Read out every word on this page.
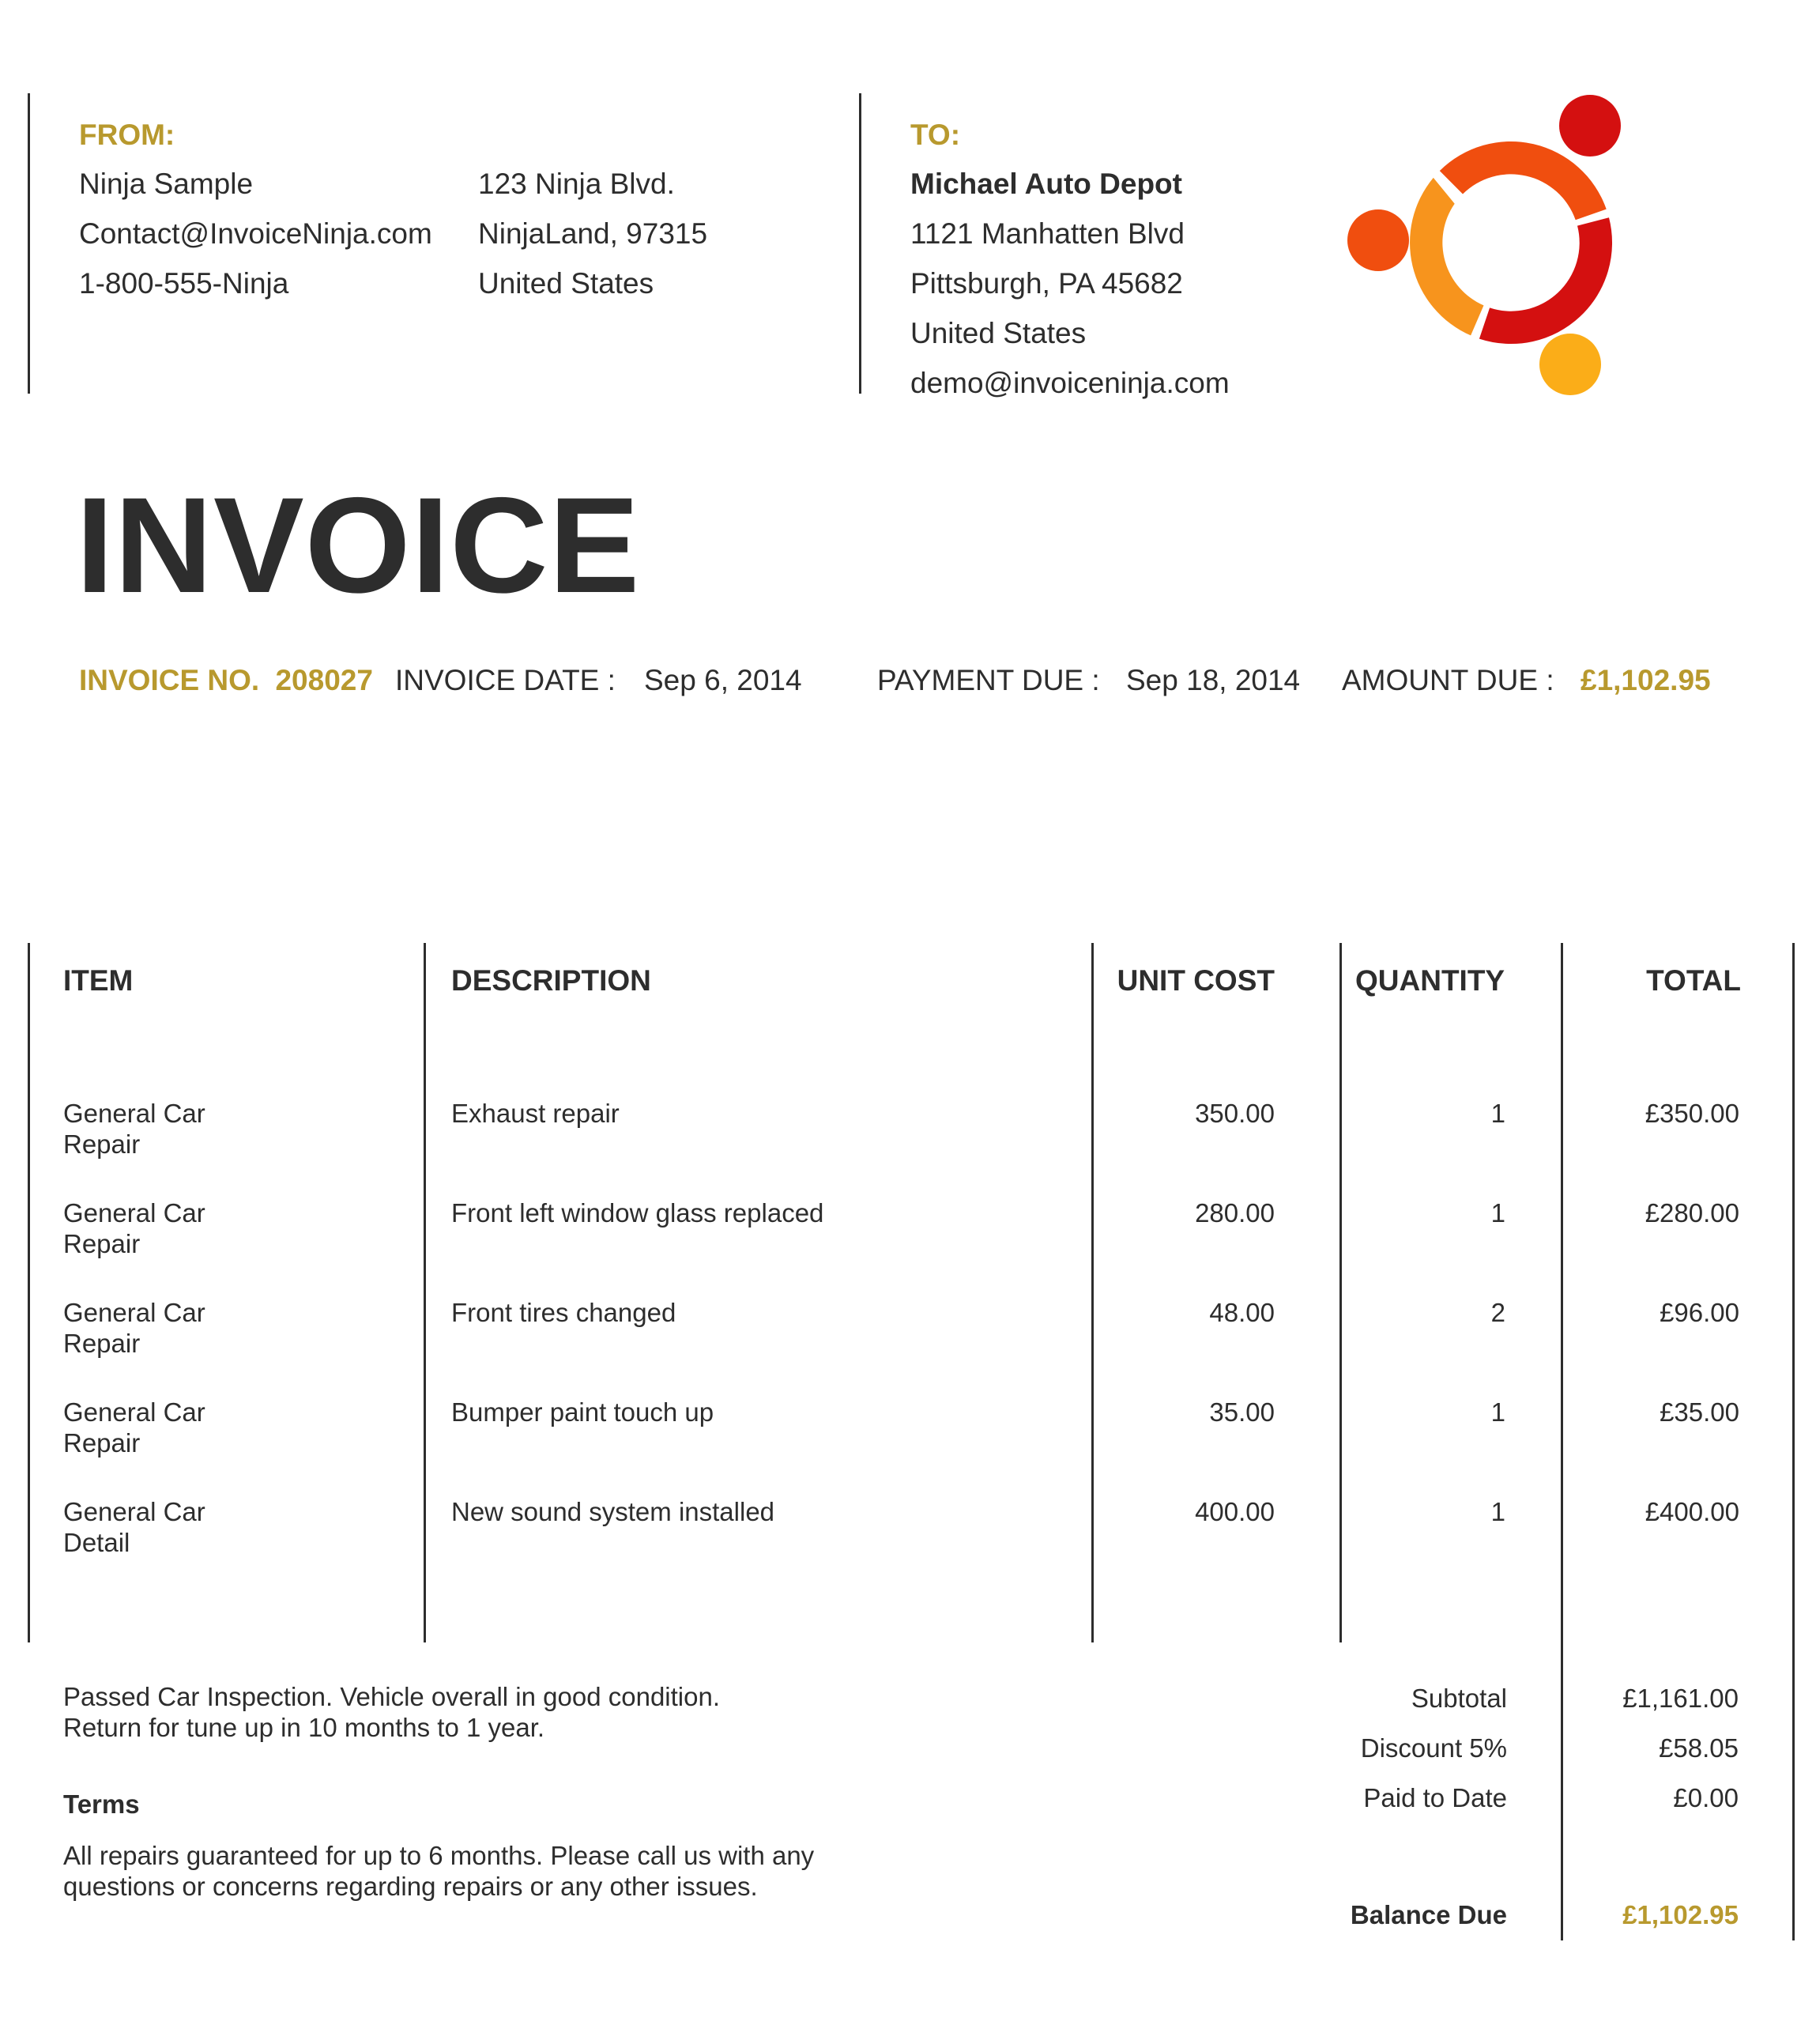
FROM:
Ninja Sample
Contact@InvoiceNinja.com
1-800-555-Ninja
123 Ninja Blvd.
NinjaLand, 97315
United States
TO:
Michael Auto Depot
1121 Manhatten Blvd
Pittsburgh, PA 45682
United States
demo@invoiceninja.com
INVOICE
INVOICE NO. 208027 INVOICE DATE : Sep 6, 2014	PAYMENT DUE : Sep 18, 2014 AMOUNT DUE : £1,102.95
ITEM	DESCRIPTION	UNIT COST	QUANTITY	TOTAL
General Car
Repair
Exhaust repair	350.00	1	£350.00
General Car
Repair
Front left window glass replaced	280.00	1	£280.00
General Car
Repair
Front tires changed	48.00	2	£96.00
General Car
Repair
Bumper paint touch up	35.00	1	£35.00
General Car
Detail
New sound system installed	400.00	1	£400.00
Passed Car Inspection. Vehicle overall in good condition.
Return for tune up in 10 months to 1 year.
Terms
All repairs guaranteed for up to 6 months. Please call us with any
questions or concerns regarding repairs or any other issues.
Subtotal	£1,161.00
Discount 5%	£58.05
Paid to Date	£0.00
Balance Due	£1,102.95
